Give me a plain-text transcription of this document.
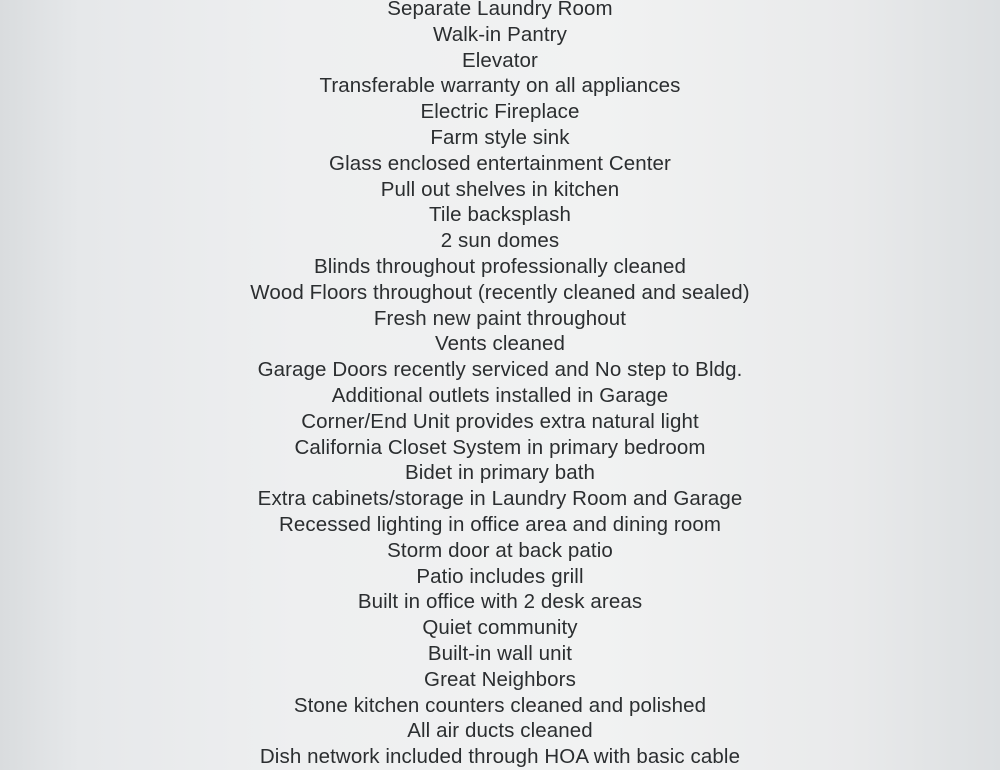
Separate Laundry Room
Walk-in Pantry
Elevator
Transferable warranty on all appliances
Electric Fireplace
Farm style sink
Glass enclosed entertainment Center
Pull out shelves in kitchen
Tile backsplash
2 sun domes
Blinds throughout professionally cleaned
Wood Floors throughout (recently cleaned and sealed)
Fresh new paint throughout
Vents cleaned
Garage Doors recently serviced and No step to Bldg.
Additional outlets installed in Garage
Corner/End Unit provides extra natural light
California Closet System in primary bedroom
Bidet in primary bath
Extra cabinets/storage in Laundry Room and Garage
Recessed lighting in office area and dining room
Storm door at back patio
Patio includes grill
Built in office with 2 desk areas
Quiet community
Built-in wall unit
Great Neighbors
Stone kitchen counters cleaned and polished
All air ducts cleaned
Dish network included through HOA with basic cable
